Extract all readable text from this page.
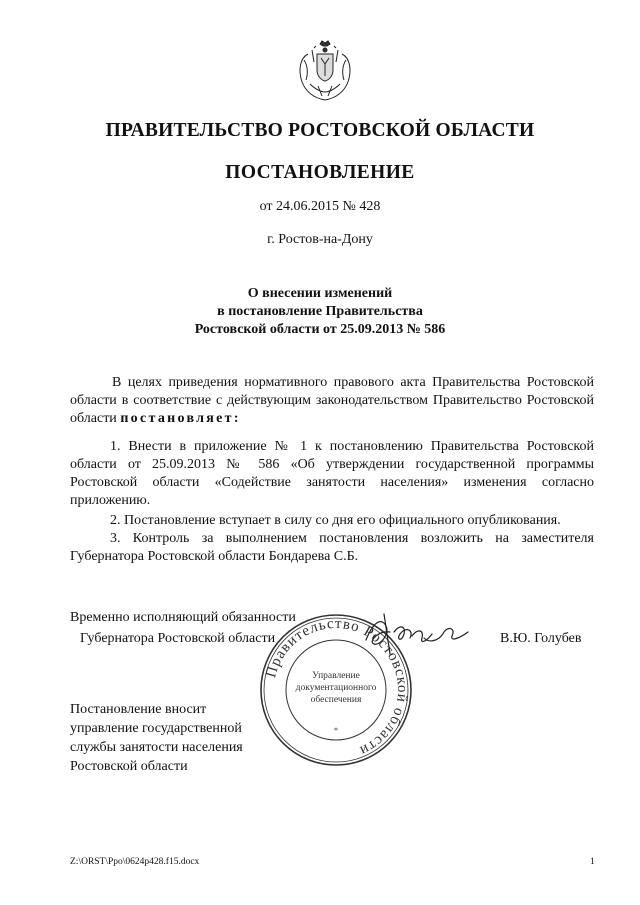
ПРАВИТЕЛЬСТВО РОСТОВСКОЙ ОБЛАСТИ
ПОСТАНОВЛЕНИЕ
от 24.06.2015 № 428
г. Ростов-на-Дону
О внесении изменений
в постановление Правительства
Ростовской области от 25.09.2013 № 586
В целях приведения нормативного правового акта Правительства Ростовской области в соответствие с действующим законодательством Правительство Ростовской области постановляет:
1. Внести в приложение № 1 к постановлению Правительства Ростовской области от 25.09.2013 № 586 «Об утверждении государственной программы Ростовской области «Содействие занятости населения» изменения согласно приложению.
2. Постановление вступает в силу со дня его официального опубликования.
3. Контроль за выполнением постановления возложить на заместителя Губернатора Ростовской области Бондарева С.Б.
Временно исполняющий обязанности
Губернатора Ростовской области	В.Ю. Голубев
Правительство Ростовской области
Управление
документационного
обеспечения
*
Постановление вносит
управление государственной
службы занятости населения
Ростовской области
Z:\ORST\Ppo\0624p428.f15.docx	1
